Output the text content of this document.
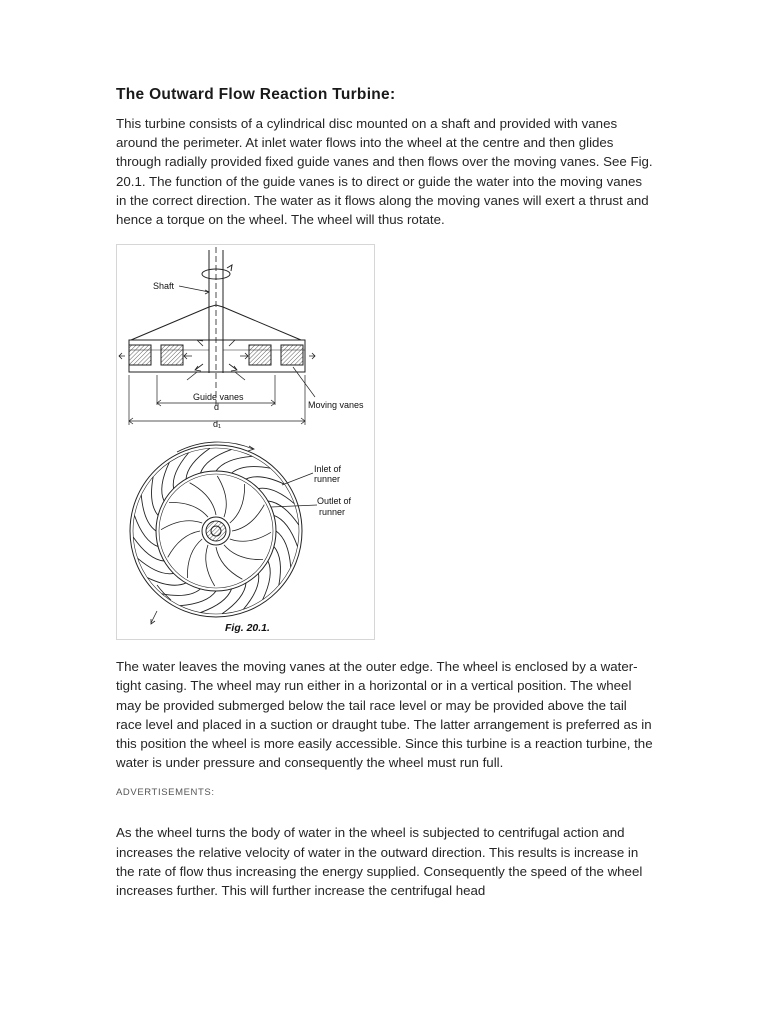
The Outward Flow Reaction Turbine:

This turbine consists of a cylindrical disc mounted on a shaft and provided with vanes around the perimeter. At inlet water flows into the wheel at the centre and then glides through radially provided fixed guide vanes and then flows over the moving vanes. See Fig. 20.1. The function of the guide vanes is to direct or guide the water into the moving vanes in the correct direction. The water as it flows along the moving vanes will exert a thrust and hence a torque on the wheel. The wheel will thus rotate.

Shaft
Guide vanes
d
d₁
Moving vanes
Inlet of
runner
Outlet of
runner
Fig. 20.1.

The water leaves the moving vanes at the outer edge. The wheel is enclosed by a water-tight casing. The wheel may run either in a horizontal or in a vertical position. The wheel may be provided submerged below the tail race level or may be provided above the tail race level and placed in a suction or draught tube. The latter arrangement is preferred as in this position the wheel is more easily accessible. Since this turbine is a reaction turbine, the water is under pressure and consequently the wheel must run full.

ADVERTISEMENTS:

As the wheel turns the body of water in the wheel is subjected to centrifugal action and increases the relative velocity of water in the outward direction. This results is increase in the rate of flow thus increasing the energy supplied. Consequently the speed of the wheel increases further. This will further increase the centrifugal head
